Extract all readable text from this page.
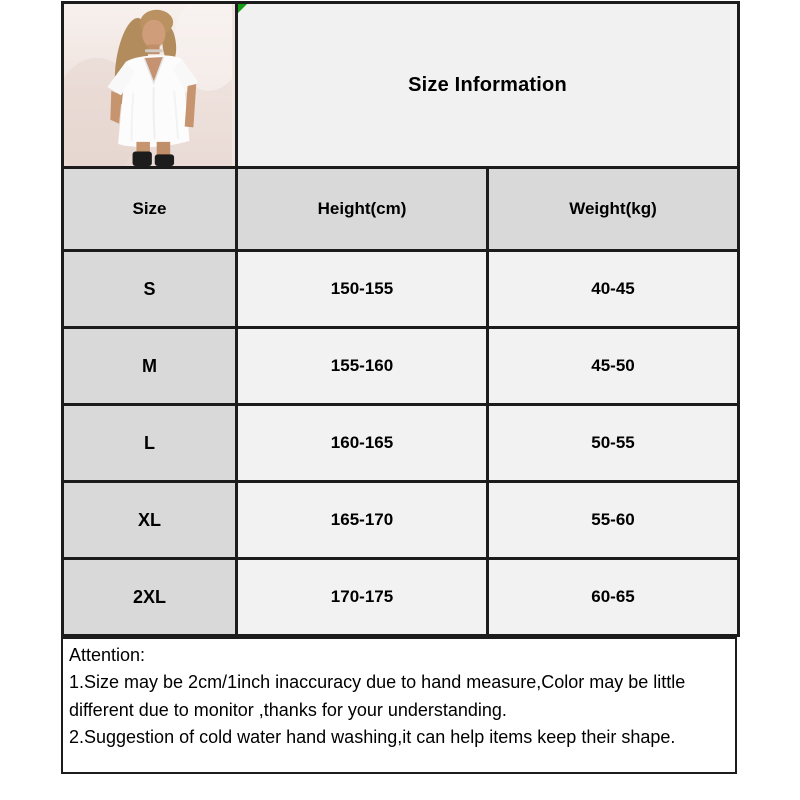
Size Information	
Size	Height(cm)	Weight(kg)
S	150-155	40-45
M	155-160	45-50
L	160-165	50-55
XL	165-170	55-60
2XL	170-175	60-65
Attention:
1.Size may be 2cm/1inch inaccuracy due to hand measure,Color may be little different due to monitor ,thanks for your understanding.
2.Suggestion of cold water hand washing,it can help items keep their shape.
